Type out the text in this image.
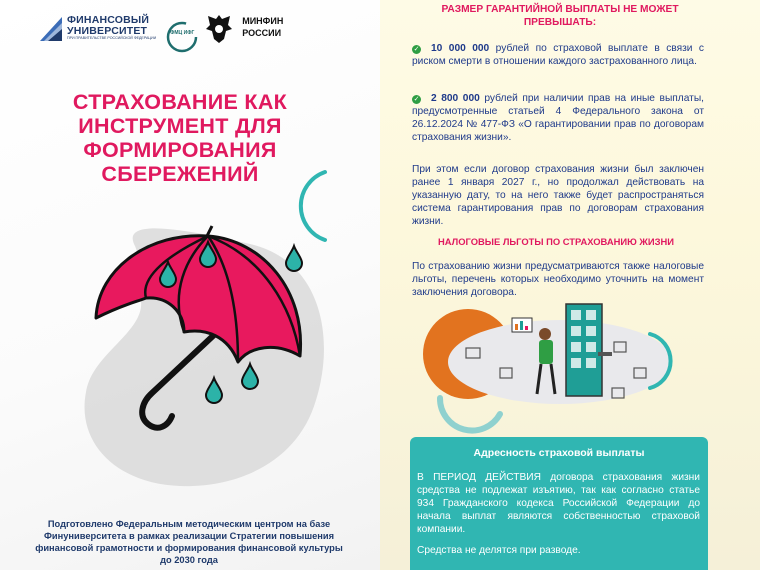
ФИНАНСОВЫЙ
УНИВЕРСИТЕТ
ПРИ ПРАВИТЕЛЬСТВЕ РОССИЙСКОЙ ФЕДЕРАЦИИ
ФМЦ ИФГ
МИНФИН
РОССИИ
СТРАХОВАНИЕ КАК ИНСТРУМЕНТ ДЛЯ ФОРМИРОВАНИЯ СБЕРЕЖЕНИЙ

Подготовлено Федеральным методическим центром на базе Финуниверситета в рамках реализации Стратегии повышения финансовой грамотности и формирования финансовой культуры до 2030 года

РАЗМЕР ГАРАНТИЙНОЙ ВЫПЛАТЫ НЕ МОЖЕТ ПРЕВЫШАТЬ:

✓ 10 000 000 рублей по страховой выплате в связи с риском смерти в отношении каждого застрахованного лица.

✓ 2 800 000 рублей при наличии прав на иные выплаты, предусмотренные статьей 4 Федерального закона от 26.12.2024 № 477-ФЗ «О гарантировании прав по договорам страхования жизни».

При этом если договор страхования жизни был заключен ранее 1 января 2027 г., но продолжал действовать на указанную дату, то на него также будет распространяться система гарантирования прав по договорам страхования жизни.

НАЛОГОВЫЕ ЛЬГОТЫ ПО СТРАХОВАНИЮ ЖИЗНИ

По страхованию жизни предусматриваются также налоговые льготы, перечень которых необходимо уточнить на момент заключения договора.

Адресность страховой выплаты

В ПЕРИОД ДЕЙСТВИЯ договора страхования жизни средства не подлежат изъятию, так как согласно статье 934 Гражданского кодекса Российской Федерации до начала выплат являются собственностью страховой компании.

Средства не делятся при разводе.
